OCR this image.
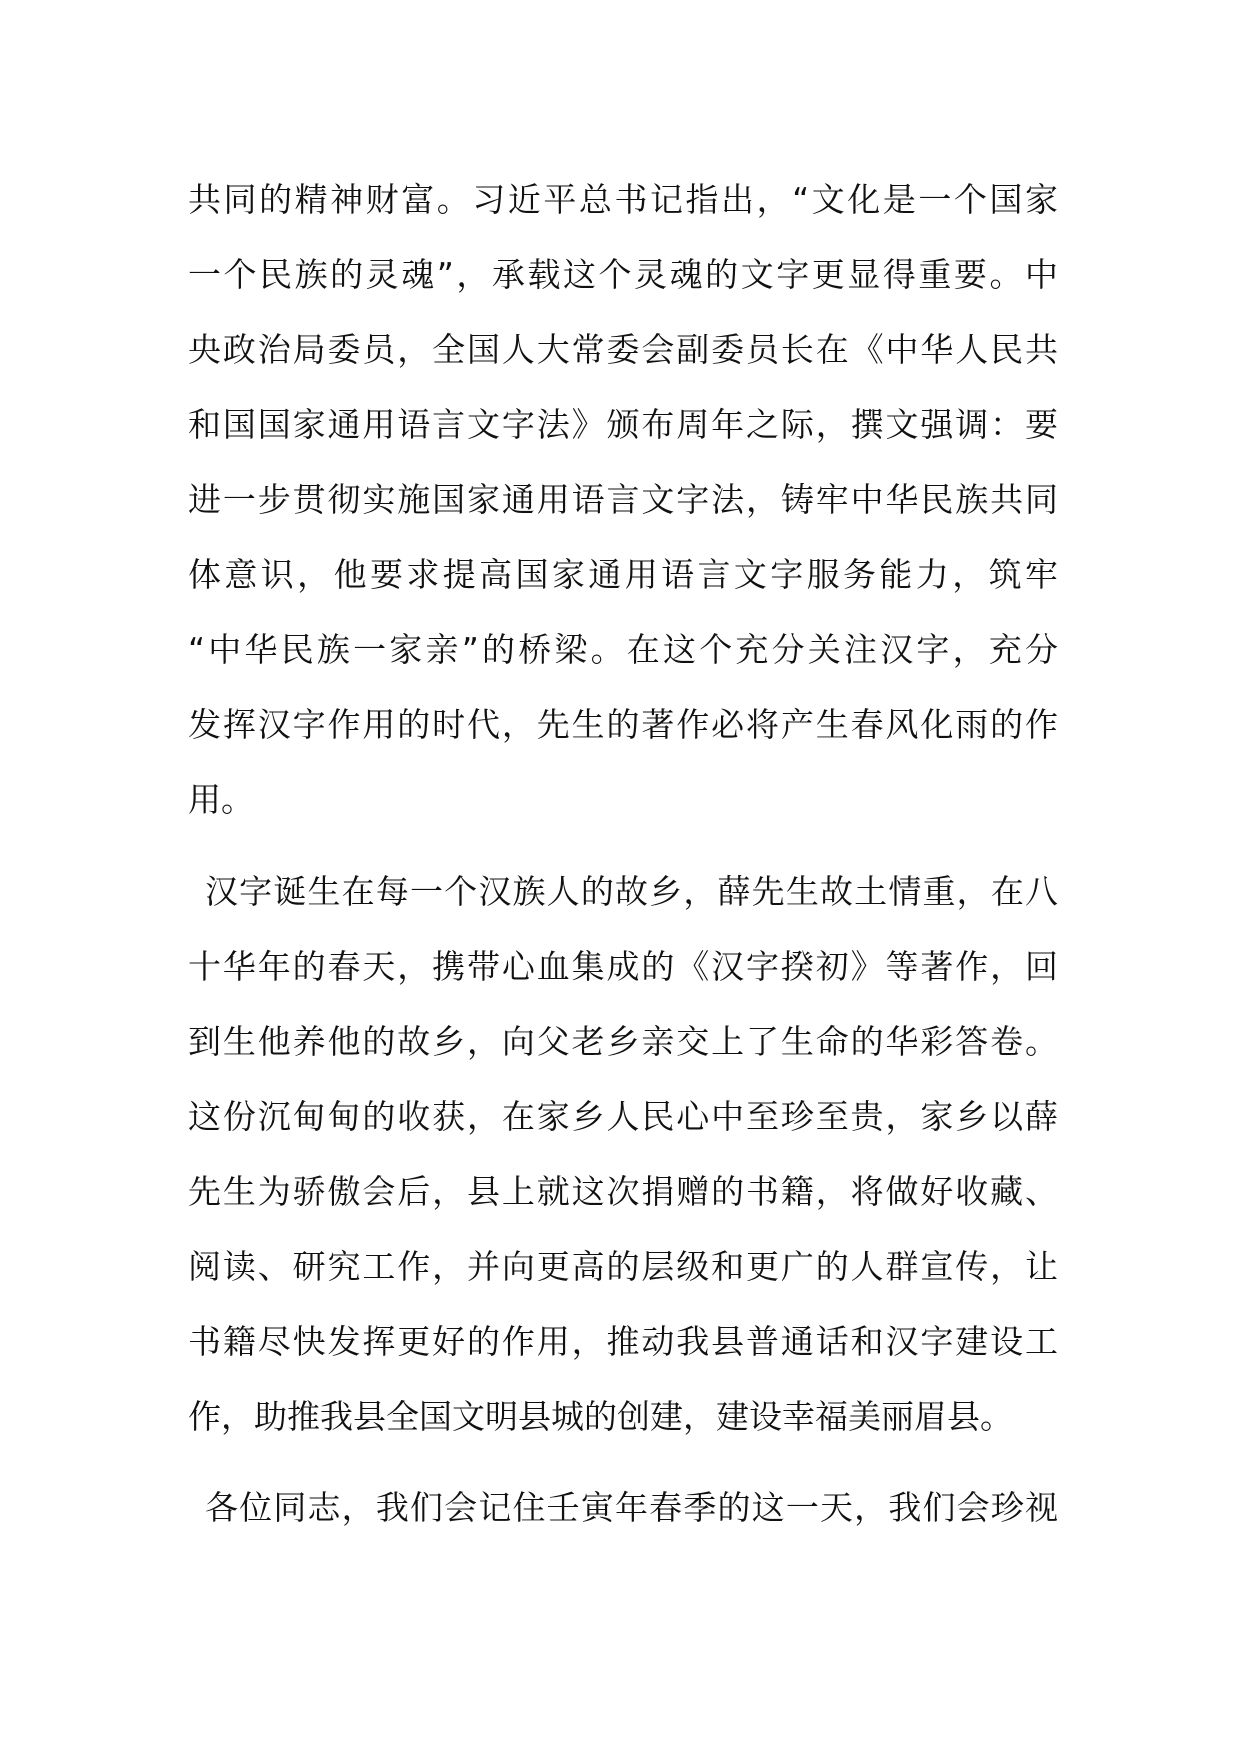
共同的精神财富。习近平总书记指出，“文化是一个国家
一个民族的灵魂”，承载这个灵魂的文字更显得重要。中
央政治局委员，全国人大常委会副委员长在《中华人民共
和国国家通用语言文字法》颁布周年之际，撰文强调：要
进一步贯彻实施国家通用语言文字法，铸牢中华民族共同
体意识，他要求提高国家通用语言文字服务能力，筑牢
“中华民族一家亲”的桥梁。在这个充分关注汉字，充分
发挥汉字作用的时代，先生的著作必将产生春风化雨的作
用。
汉字诞生在每一个汉族人的故乡，薛先生故土情重，在八
十华年的春天，携带心血集成的《汉字揆初》等著作，回
到生他养他的故乡，向父老乡亲交上了生命的华彩答卷。
这份沉甸甸的收获，在家乡人民心中至珍至贵，家乡以薛
先生为骄傲会后，县上就这次捐赠的书籍，将做好收藏、
阅读、研究工作，并向更高的层级和更广的人群宣传，让
书籍尽快发挥更好的作用，推动我县普通话和汉字建设工
作，助推我县全国文明县城的创建，建设幸福美丽眉县。
各位同志，我们会记住壬寅年春季的这一天，我们会珍视
